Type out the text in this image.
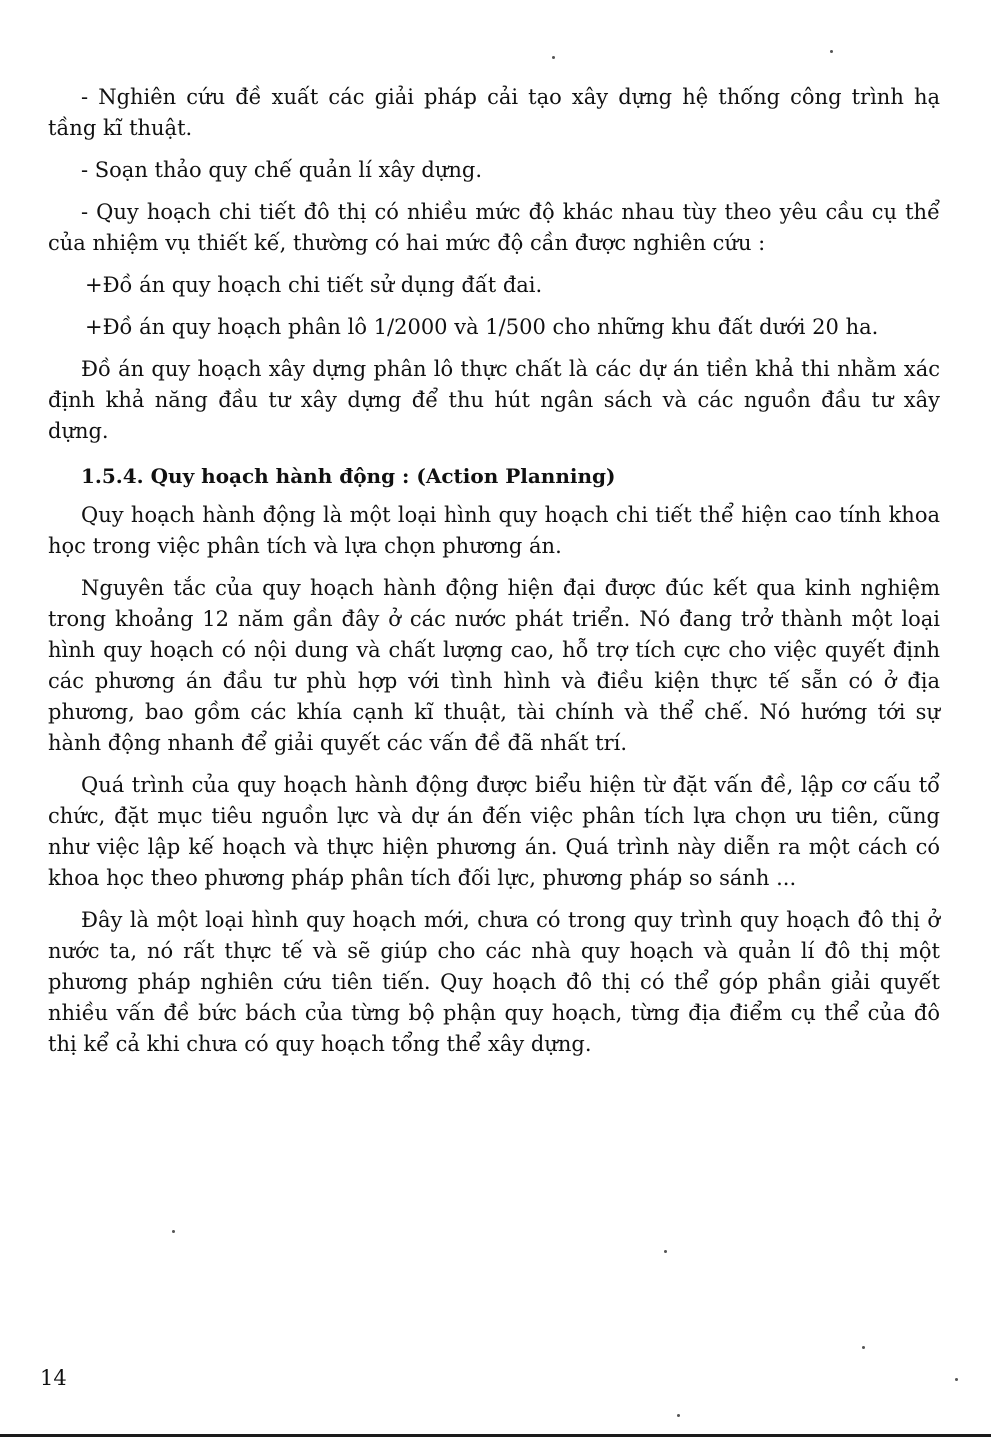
- Nghiên cứu đề xuất các giải pháp cải tạo xây dựng hệ thống công trình hạ tầng kĩ thuật.

- Soạn thảo quy chế quản lí xây dựng.

- Quy hoạch chi tiết đô thị có nhiều mức độ khác nhau tùy theo yêu cầu cụ thể của nhiệm vụ thiết kế, thường có hai mức độ cần được nghiên cứu :

+Đồ án quy hoạch chi tiết sử dụng đất đai.

+Đồ án quy hoạch phân lô 1/2000 và 1/500 cho những khu đất dưới 20 ha.

Đồ án quy hoạch xây dựng phân lô thực chất là các dự án tiền khả thi nhằm xác định khả năng đầu tư xây dựng để thu hút ngân sách và các nguồn đầu tư xây dựng.

1.5.4. Quy hoạch hành động : (Action Planning)

Quy hoạch hành động là một loại hình quy hoạch chi tiết thể hiện cao tính khoa học trong việc phân tích và lựa chọn phương án.

Nguyên tắc của quy hoạch hành động hiện đại được đúc kết qua kinh nghiệm trong khoảng 12 năm gần đây ở các nước phát triển. Nó đang trở thành một loại hình quy hoạch có nội dung và chất lượng cao, hỗ trợ tích cực cho việc quyết định các phương án đầu tư phù hợp với tình hình và điều kiện thực tế sẵn có ở địa phương, bao gồm các khía cạnh kĩ thuật, tài chính và thể chế. Nó hướng tới sự hành động nhanh để giải quyết các vấn đề đã nhất trí.

Quá trình của quy hoạch hành động được biểu hiện từ đặt vấn đề, lập cơ cấu tổ chức, đặt mục tiêu nguồn lực và dự án đến việc phân tích lựa chọn ưu tiên, cũng như việc lập kế hoạch và thực hiện phương án. Quá trình này diễn ra một cách có khoa học theo phương pháp phân tích đối lực, phương pháp so sánh ...

Đây là một loại hình quy hoạch mới, chưa có trong quy trình quy hoạch đô thị ở nước ta, nó rất thực tế và sẽ giúp cho các nhà quy hoạch và quản lí đô thị một phương pháp nghiên cứu tiên tiến. Quy hoạch đô thị có thể góp phần giải quyết nhiều vấn đề bức bách của từng bộ phận quy hoạch, từng địa điểm cụ thể của đô thị kể cả khi chưa có quy hoạch tổng thể xây dựng.

14
